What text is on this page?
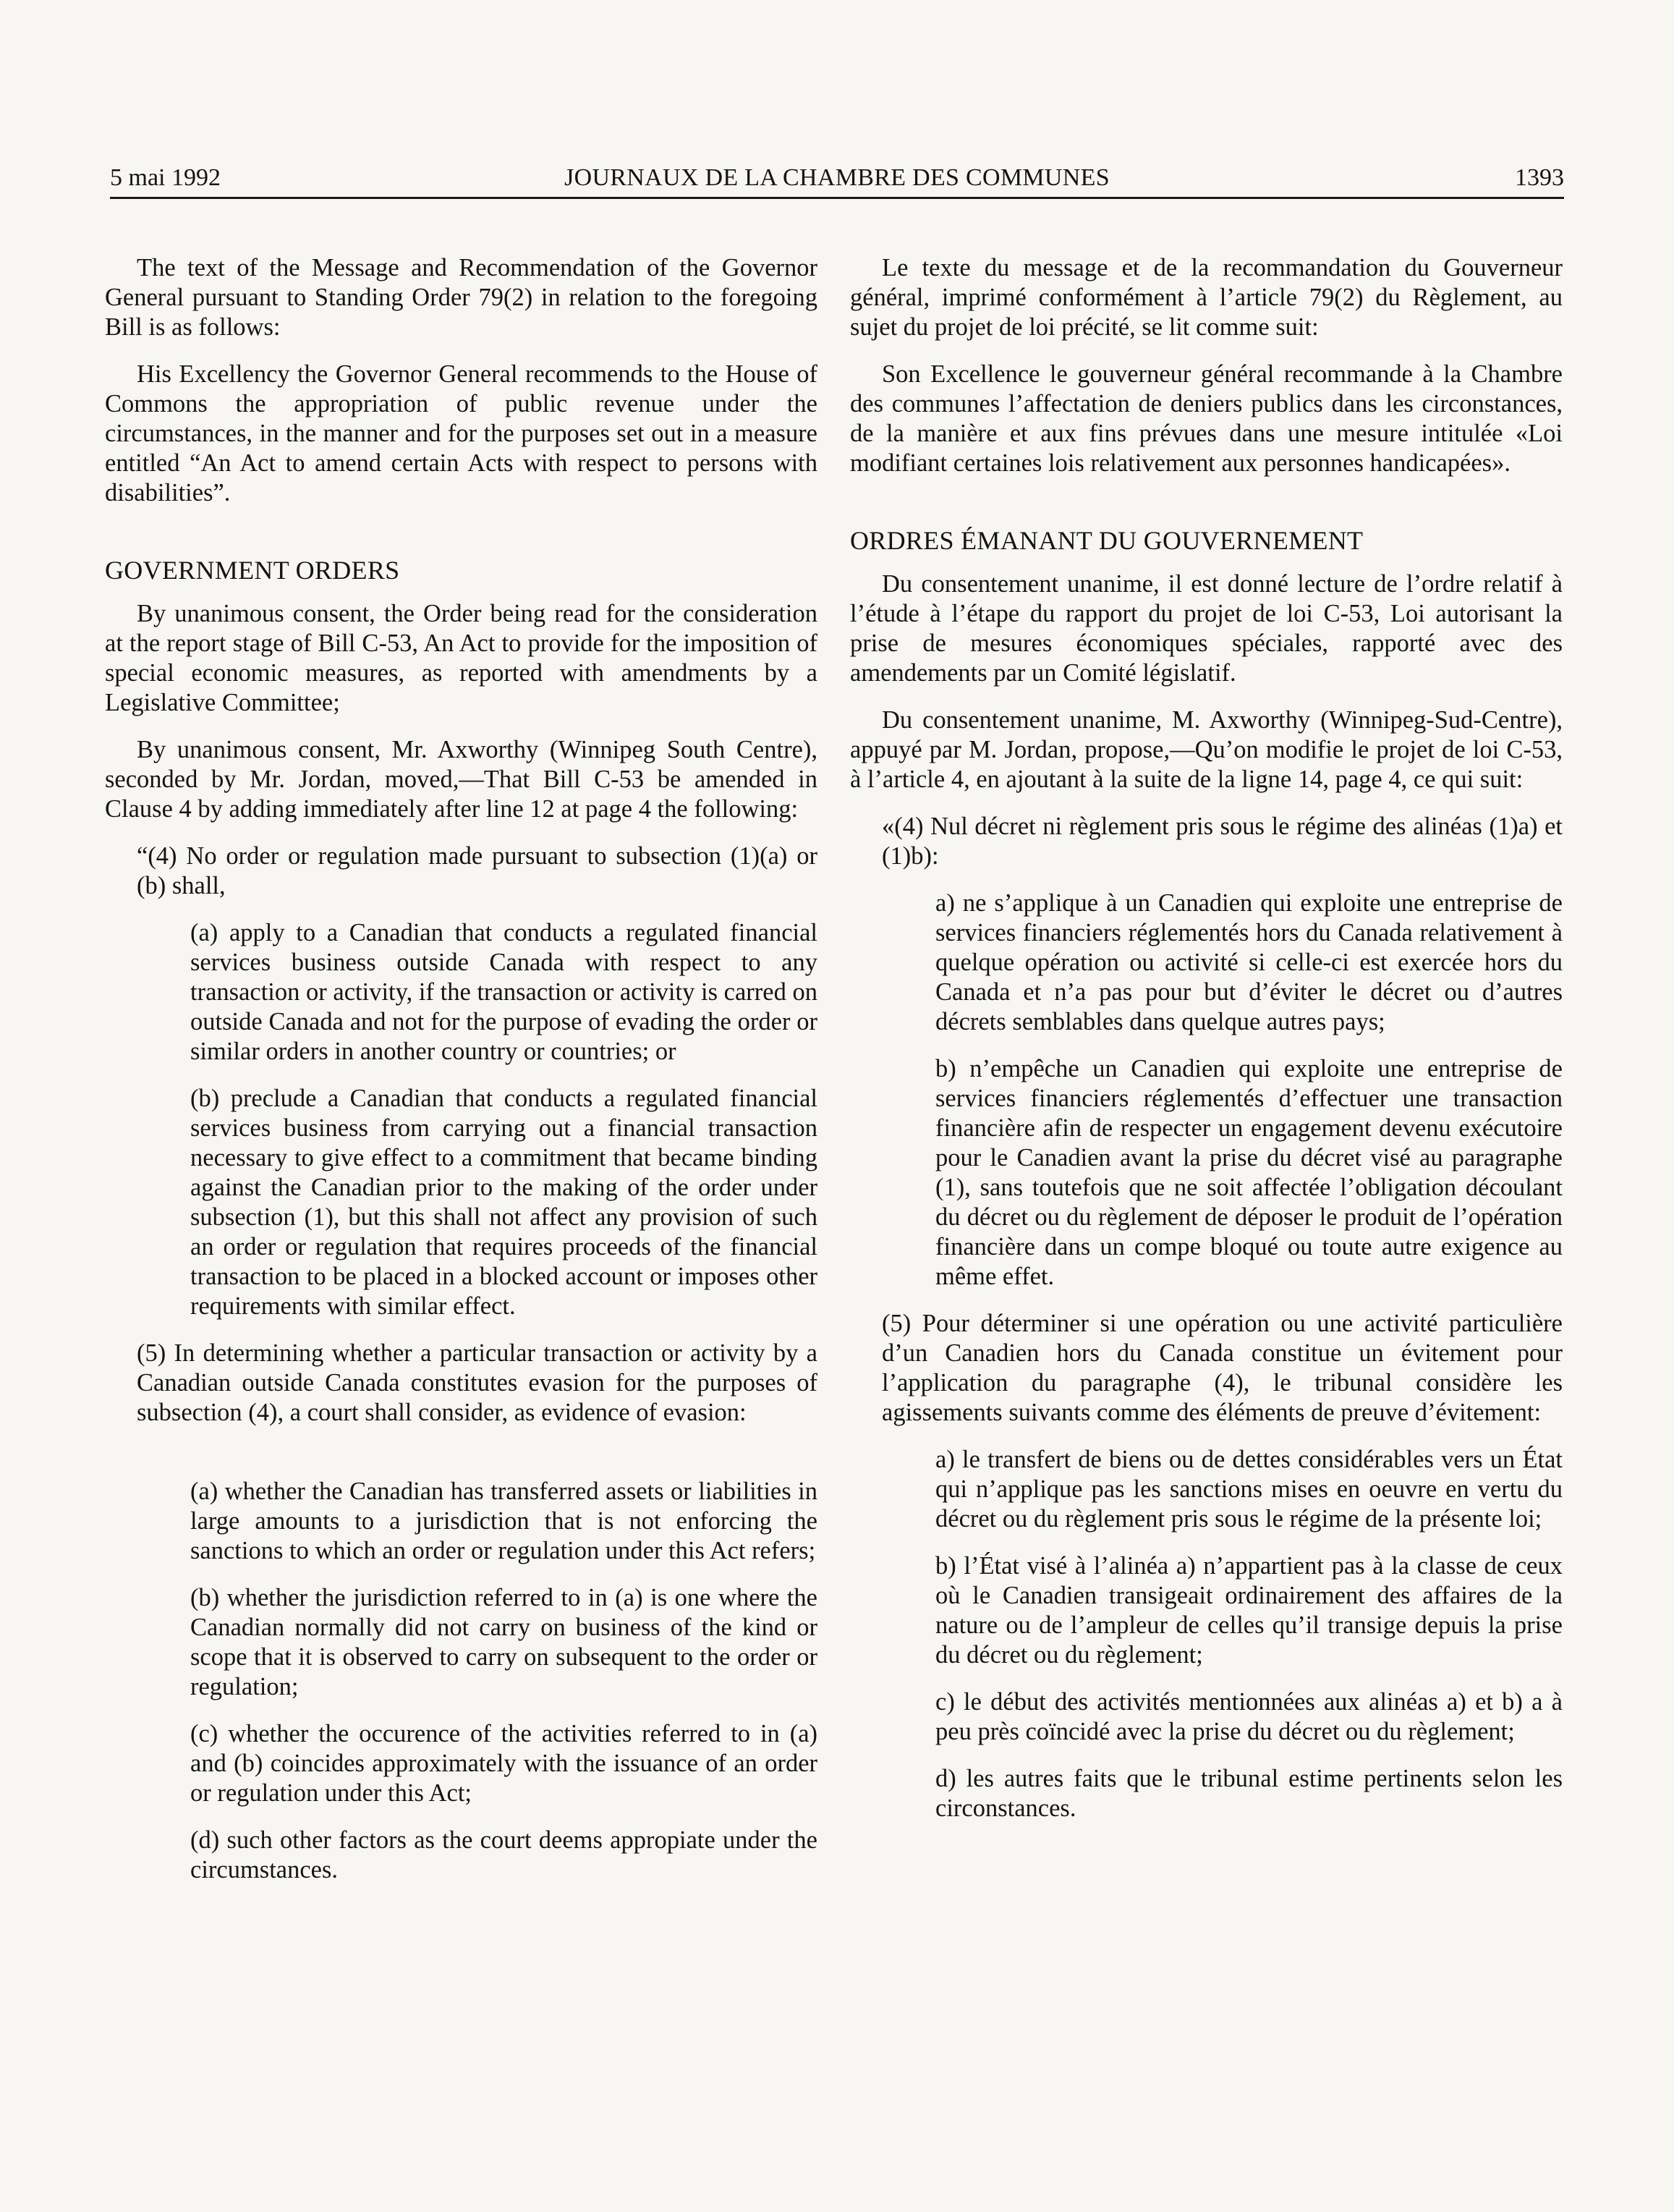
5 mai 1992	JOURNAUX DE LA CHAMBRE DES COMMUNES	1393

The text of the Message and Recommendation of the Governor General pursuant to Standing Order 79(2) in relation to the foregoing Bill is as follows:

His Excellency the Governor General recommends to the House of Commons the appropriation of public revenue under the circumstances, in the manner and for the purposes set out in a measure entitled “An Act to amend certain Acts with respect to persons with disabilities”.

GOVERNMENT ORDERS

By unanimous consent, the Order being read for the consideration at the report stage of Bill C-53, An Act to provide for the imposition of special economic measures, as reported with amendments by a Legislative Committee;

By unanimous consent, Mr. Axworthy (Winnipeg South Centre), seconded by Mr. Jordan, moved,—That Bill C-53 be amended in Clause 4 by adding immediately after line 12 at page 4 the following:

“(4) No order or regulation made pursuant to subsection (1)(a) or (b) shall,

(a) apply to a Canadian that conducts a regulated financial services business outside Canada with respect to any transaction or activity, if the transaction or activity is carred on outside Canada and not for the purpose of evading the order or similar orders in another country or countries; or

(b) preclude a Canadian that conducts a regulated financial services business from carrying out a financial transaction necessary to give effect to a commitment that became binding against the Canadian prior to the making of the order under subsection (1), but this shall not affect any provision of such an order or regulation that requires proceeds of the financial transaction to be placed in a blocked account or imposes other requirements with similar effect.

(5) In determining whether a particular transaction or activity by a Canadian outside Canada constitutes evasion for the purposes of subsection (4), a court shall consider, as evidence of evasion:

(a) whether the Canadian has transferred assets or liabilities in large amounts to a jurisdiction that is not enforcing the sanctions to which an order or regulation under this Act refers;

(b) whether the jurisdiction referred to in (a) is one where the Canadian normally did not carry on business of the kind or scope that it is observed to carry on subsequent to the order or regulation;

(c) whether the occurence of the activities referred to in (a) and (b) coincides approximately with the issuance of an order or regulation under this Act;

(d) such other factors as the court deems appropiate under the circumstances.

Le texte du message et de la recommandation du Gouverneur général, imprimé conformément à l’article 79(2) du Règlement, au sujet du projet de loi précité, se lit comme suit:

Son Excellence le gouverneur général recommande à la Chambre des communes l’affectation de deniers publics dans les circonstances, de la manière et aux fins prévues dans une mesure intitulée «Loi modifiant certaines lois relativement aux personnes handicapées».

ORDRES ÉMANANT DU GOUVERNEMENT

Du consentement unanime, il est donné lecture de l’ordre relatif à l’étude à l’étape du rapport du projet de loi C-53, Loi autorisant la prise de mesures économiques spéciales, rapporté avec des amendements par un Comité législatif.

Du consentement unanime, M. Axworthy (Winnipeg-Sud-Centre), appuyé par M. Jordan, propose,—Qu’on modifie le projet de loi C-53, à l’article 4, en ajoutant à la suite de la ligne 14, page 4, ce qui suit:

«(4) Nul décret ni règlement pris sous le régime des alinéas (1)a) et (1)b):

a) ne s’applique à un Canadien qui exploite une entreprise de services financiers réglementés hors du Canada relativement à quelque opération ou activité si celle-ci est exercée hors du Canada et n’a pas pour but d’éviter le décret ou d’autres décrets semblables dans quelque autres pays;

b) n’empêche un Canadien qui exploite une entreprise de services financiers réglementés d’effectuer une transaction financière afin de respecter un engagement devenu exécutoire pour le Canadien avant la prise du décret visé au paragraphe (1), sans toutefois que ne soit affectée l’obligation découlant du décret ou du règlement de déposer le produit de l’opération financière dans un compe bloqué ou toute autre exigence au même effet.

(5) Pour déterminer si une opération ou une activité particulière d’un Canadien hors du Canada constitue un évitement pour l’application du paragraphe (4), le tribunal considère les agissements suivants comme des éléments de preuve d’évitement:

a) le transfert de biens ou de dettes considérables vers un État qui n’applique pas les sanctions mises en oeuvre en vertu du décret ou du règlement pris sous le régime de la présente loi;

b) l’État visé à l’alinéa a) n’appartient pas à la classe de ceux où le Canadien transigeait ordinairement des affaires de la nature ou de l’ampleur de celles qu’il transige depuis la prise du décret ou du règlement;

c) le début des activités mentionnées aux alinéas a) et b) a à peu près coïncidé avec la prise du décret ou du règlement;

d) les autres faits que le tribunal estime pertinents selon les circonstances.
